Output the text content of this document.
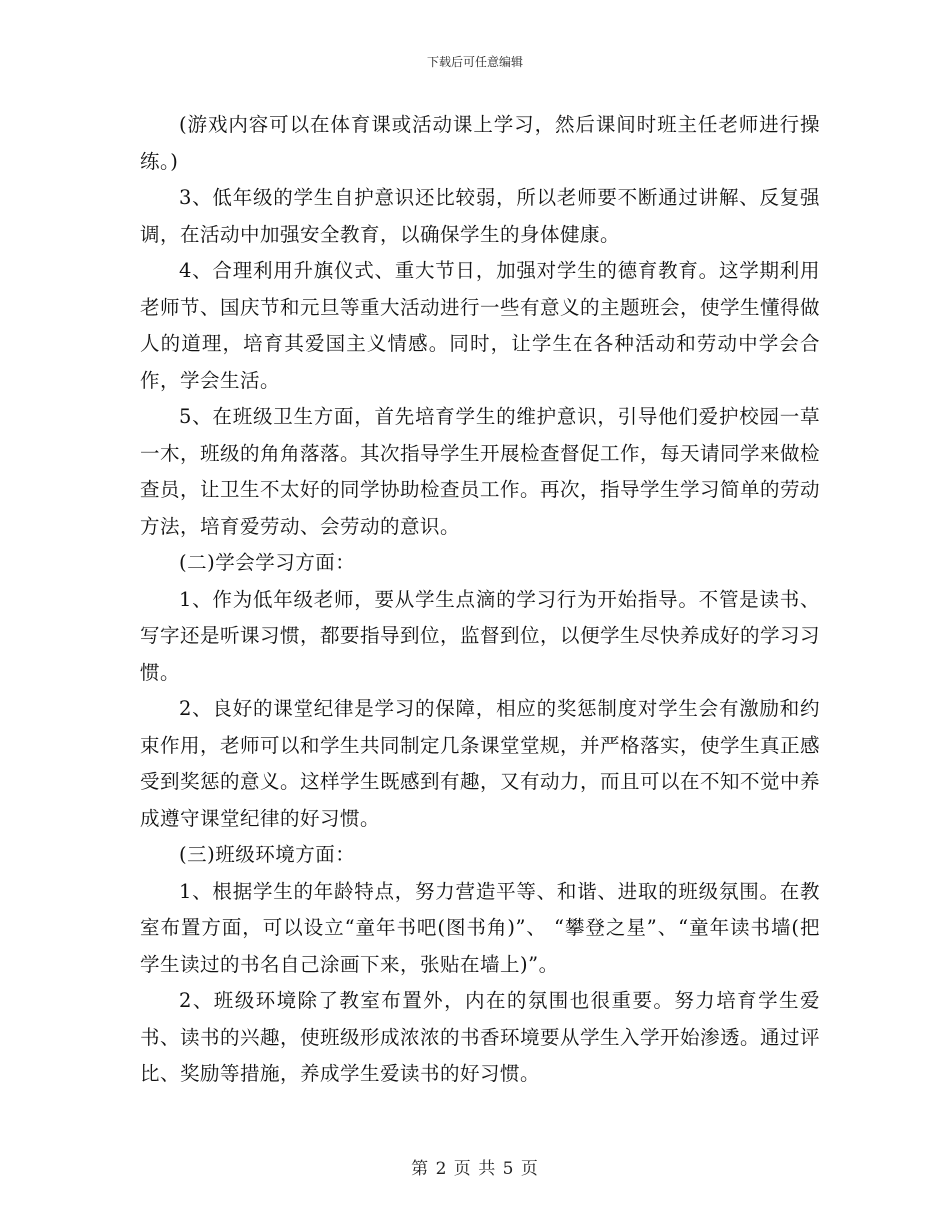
下载后可任意编辑

(游戏内容可以在体育课或活动课上学习，然后课间时班主任老师进行操练。)

3、低年级的学生自护意识还比较弱，所以老师要不断通过讲解、反复强调，在活动中加强安全教育，以确保学生的身体健康。

4、合理利用升旗仪式、重大节日，加强对学生的德育教育。这学期利用老师节、国庆节和元旦等重大活动进行一些有意义的主题班会，使学生懂得做人的道理，培育其爱国主义情感。同时，让学生在各种活动和劳动中学会合作，学会生活。

5、在班级卫生方面，首先培育学生的维护意识，引导他们爱护校园一草一木，班级的角角落落。其次指导学生开展检查督促工作，每天请同学来做检查员，让卫生不太好的同学协助检查员工作。再次，指导学生学习简单的劳动方法，培育爱劳动、会劳动的意识。

(二)学会学习方面：

1、作为低年级老师，要从学生点滴的学习行为开始指导。不管是读书、写字还是听课习惯，都要指导到位，监督到位，以便学生尽快养成好的学习习惯。

2、良好的课堂纪律是学习的保障，相应的奖惩制度对学生会有激励和约束作用，老师可以和学生共同制定几条课堂堂规，并严格落实，使学生真正感受到奖惩的意义。这样学生既感到有趣，又有动力，而且可以在不知不觉中养成遵守课堂纪律的好习惯。

(三)班级环境方面：

1、根据学生的年龄特点，努力营造平等、和谐、进取的班级氛围。在教室布置方面，可以设立“童年书吧(图书角)”、 “攀登之星”、“童年读书墙(把学生读过的书名自己涂画下来，张贴在墙上)”。

2、班级环境除了教室布置外，内在的氛围也很重要。努力培育学生爱书、读书的兴趣，使班级形成浓浓的书香环境要从学生入学开始渗透。通过评比、奖励等措施，养成学生爱读书的好习惯。

第 2 页 共 5 页
